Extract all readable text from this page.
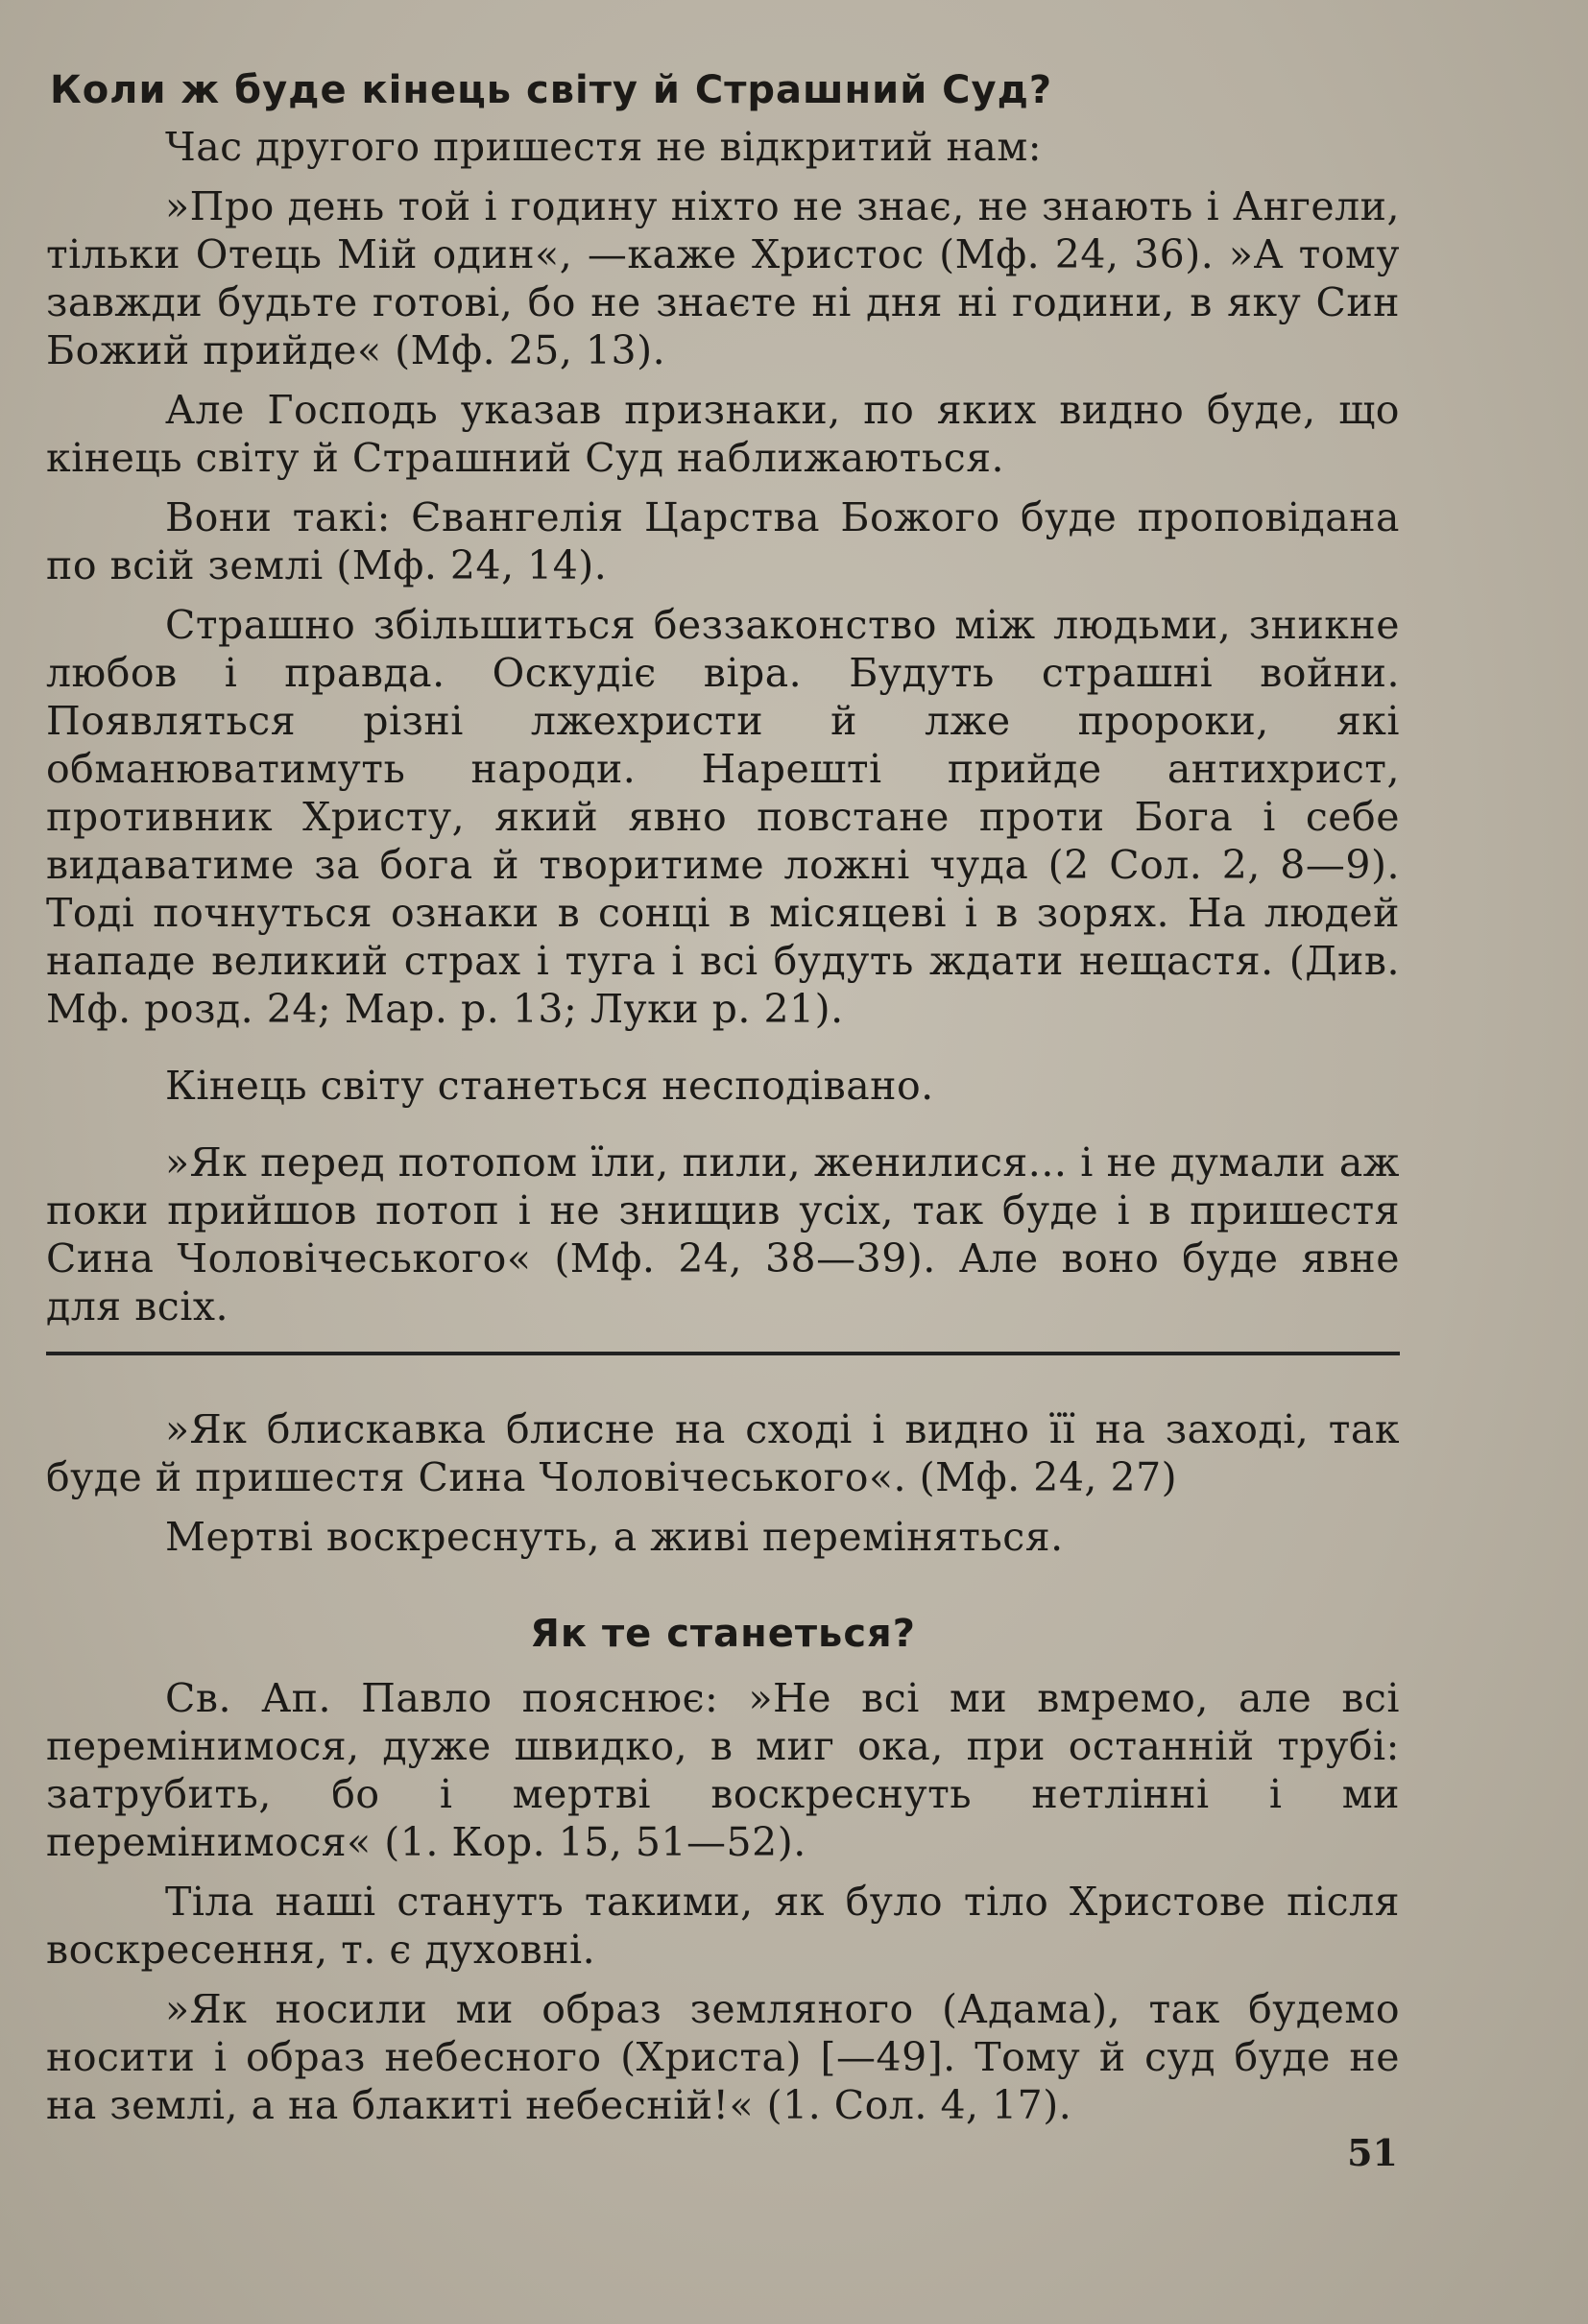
Коли ж буде кінець світу й Страшний Суд?

Час другого пришестя не відкритий нам:

»Про день той і годину ніхто не знає, не знають і Ангели, тільки Отець Мій один«, —каже Христос (Мф. 24, 36). »А тому завжди будьте готові, бо не знаєте ні дня ні години, в яку Син Божий прийде« (Мф. 25, 13).

Але Господь указав признаки, по яких видно буде, що кінець світу й Страшний Суд наближаються.

Вони такі: Євангелія Царства Божого буде проповідана по всій землі (Мф. 24, 14).

Страшно збільшиться беззаконство між людьми, зникне любов і правда. Оскудіє віра. Будуть страшні войни. Появляться різні лжехристи й лже пророки, які обманюватимуть народи. Нарешті прийде антихрист, противник Христу, який явно повстане проти Бога і себе видаватиме за бога й творитиме ложні чуда (2 Сол. 2, 8—9). Тоді почнуться ознаки в сонці в місяцеві і в зорях. На людей нападе великий страх і туга і всі будуть ждати нещастя. (Див. Мф. розд. 24; Мар. р. 13; Луки р. 21).

Кінець світу станеться несподівано.

»Як перед потопом їли, пили, женилися... і не думали аж поки прийшов потоп і не знищив усіх, так буде і в пришестя Сина Чоловічеського« (Мф. 24, 38—39). Але воно буде явне для всіх.

»Як блискавка блисне на сході і видно її на заході, так буде й пришестя Сина Чоловічеського«. (Мф. 24, 27)

Мертві воскреснуть, а живі переміняться.

Як те станеться?

Св. Ап. Павло пояснює: »Не всі ми вмремо, але всі перемінимося, дуже швидко, в миг ока, при останній трубі: затрубить, бо і мертві воскреснуть нетлінні і ми перемінимося« (1. Кор. 15, 51—52).

Тіла наші станутъ такими, як було тіло Христове після воскресення, т. є духовні.

»Як носили ми образ земляного (Адама), так будемо носити і образ небесного (Христа) [—49]. Тому й суд буде не на землі, а на блакиті небеснiй!« (1. Сол. 4, 17).

51
